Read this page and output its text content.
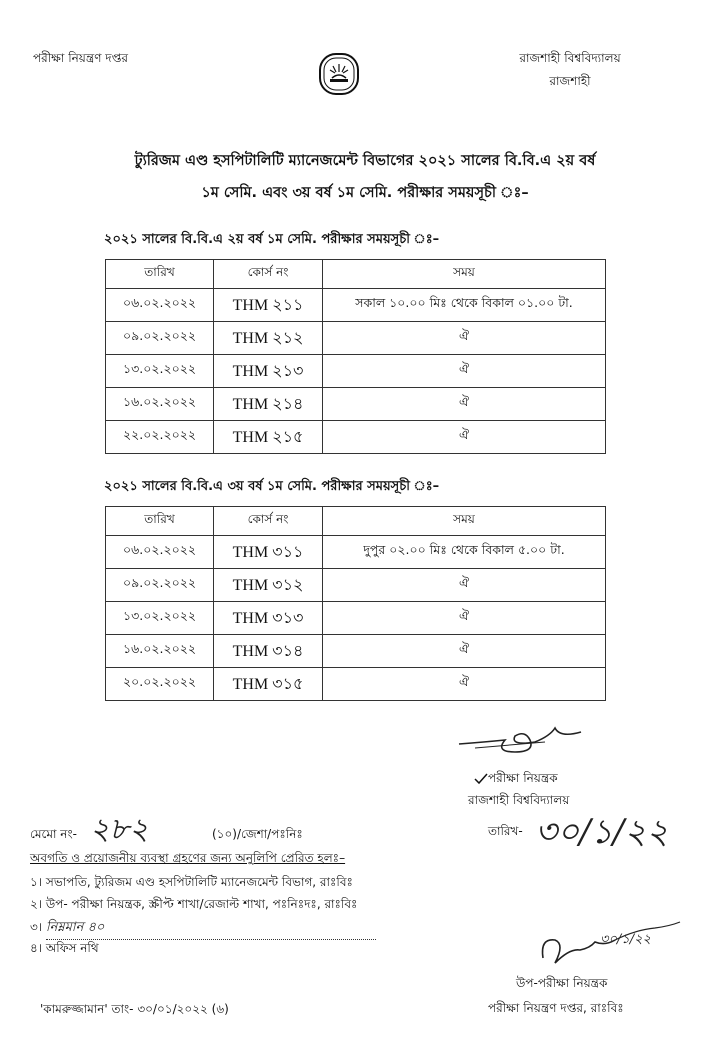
পরীক্ষা নিয়ন্ত্রণ দপ্তর	রাজশাহী বিশ্ববিদ্যালয়
রাজশাহী
ট্যুরিজম এণ্ড হসপিটালিটি ম্যানেজমেন্ট বিভাগের ২০২১ সালের বি.বি.এ ২য় বর্ষ
১ম সেমি. এবং ৩য় বর্ষ ১ম সেমি. পরীক্ষার সময়সূচী ঃ–
২০২১ সালের বি.বি.এ ২য় বর্ষ ১ম সেমি. পরীক্ষার সময়সূচী ঃ–
তারিখ	কোর্স নং	সময়
০৬.০২.২০২২	THM ২১১	সকাল ১০.০০ মিঃ থেকে বিকাল ০১.০০ টা.
০৯.০২.২০২২	THM ২১২	ঐ
১৩.০২.২০২২	THM ২১৩	ঐ
১৬.০২.২০২২	THM ২১৪	ঐ
২২.০২.২০২২	THM ২১৫	ঐ
২০২১ সালের বি.বি.এ ৩য় বর্ষ ১ম সেমি. পরীক্ষার সময়সূচী ঃ–
তারিখ	কোর্স নং	সময়
০৬.০২.২০২২	THM ৩১১	দুপুর ০২.০০ মিঃ থেকে বিকাল ৫.০০ টা.
০৯.০২.২০২২	THM ৩১২	ঐ
১৩.০২.২০২২	THM ৩১৩	ঐ
১৬.০২.২০২২	THM ৩১৪	ঐ
২০.০২.২০২২	THM ৩১৫	ঐ
পরীক্ষা নিয়ন্ত্রক
রাজশাহী বিশ্ববিদ্যালয়
তারিখ- ৩০/১/২২
মেমো নং- ২৮২	(১০)/জেশা/পঃনিঃ
অবগতি ও প্রয়োজনীয় ব্যবস্থা গ্রহণের জন্য অনুলিপি প্রেরিত হলঃ–
১। সভাপতি, ট্যুরিজম এণ্ড হসপিটালিটি ম্যানেজমেন্ট বিভাগ, রাঃবিঃ
২। উপ- পরীক্ষা নিয়ন্ত্রক, স্ক্রীপ্ট শাখা/রেজাল্ট শাখা, পঃনিঃদঃ, রাঃবিঃ
৩। নিম্নমান ৪০
৪। অফিস নথি
৩০/১/২২
উপ-পরীক্ষা নিয়ন্ত্রক
পরীক্ষা নিয়ন্ত্রণ দপ্তর, রাঃবিঃ
'কামরুজ্জামান' তাং- ৩০/০১/২০২২ (৬)
